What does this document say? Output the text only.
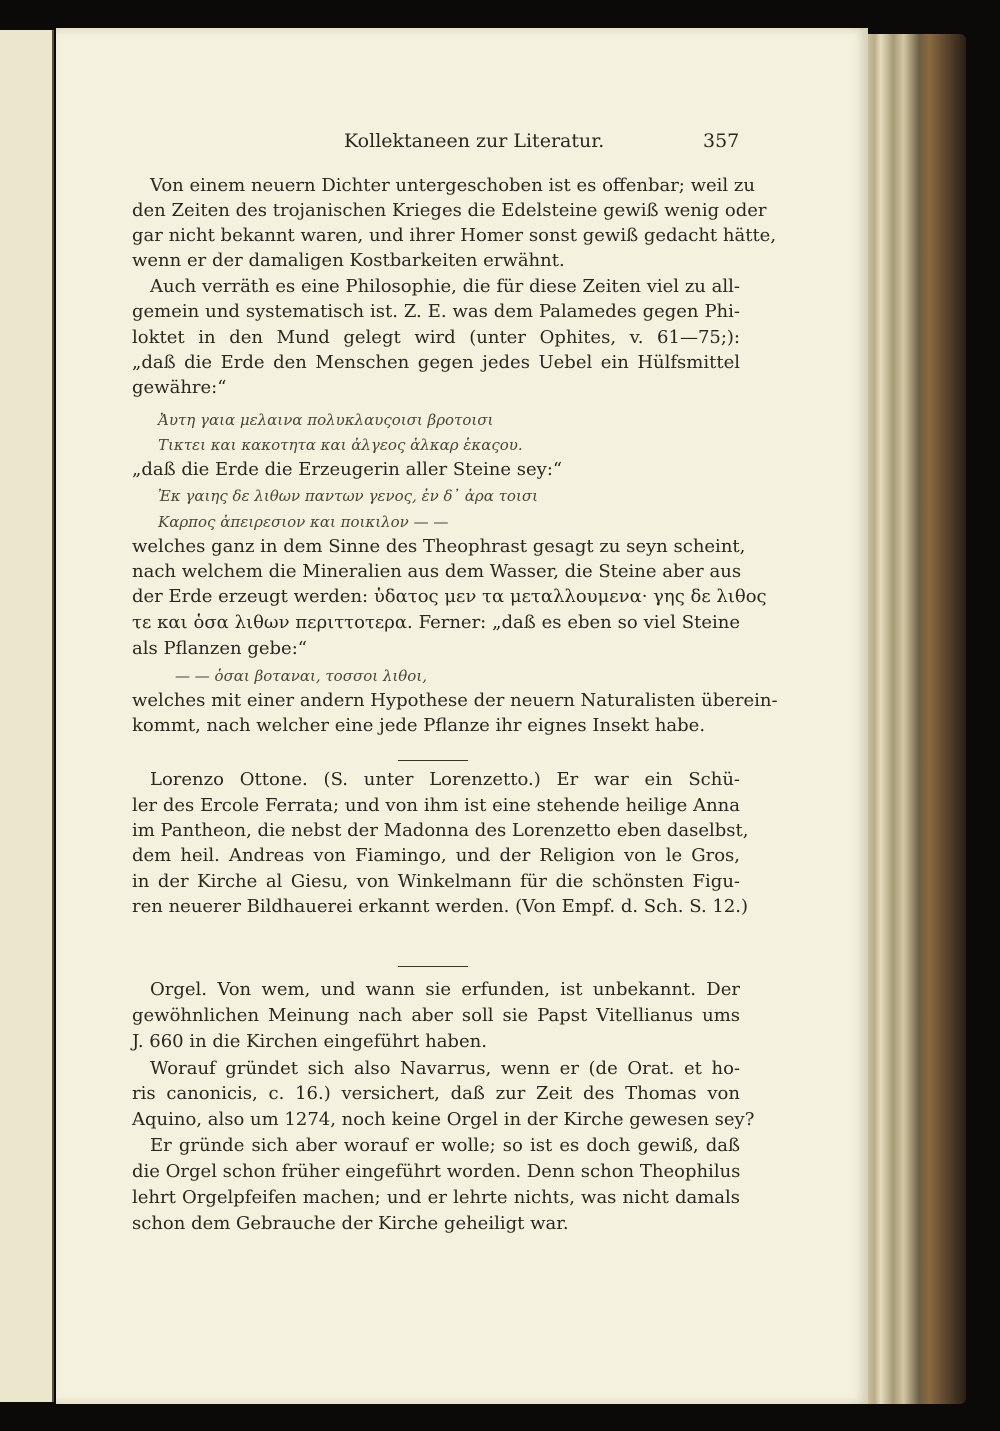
Kollektaneen zur Literatur.	357
Von einem neuern Dichter untergeschoben ist es offenbar; weil zu
den Zeiten des trojanischen Krieges die Edelsteine gewiß wenig oder
gar nicht bekannt waren, und ihrer Homer sonst gewiß gedacht hätte,
wenn er der damaligen Kostbarkeiten erwähnt.
Auch verräth es eine Philosophie, die für diese Zeiten viel zu all-
gemein und systematisch ist. Z. E. was dem Palamedes gegen Phi-
loktet in den Mund gelegt wird (unter Ophites, v. 61—75;):
„daß die Erde den Menschen gegen jedes Uebel ein Hülfsmittel
gewähre:“
Ἀυτη γαια μελαινα πολυκλαυςοισι βροτοισι
Τικτει και κακοτητα και ἀλγεος ἀλκαρ ἑκαςου.
„daß die Erde die Erzeugerin aller Steine sey:“
Ἐκ γαιης δε λιθων παντων γενος, ἐν δ᾽ ἀρα τοισι
Καρπος ἀπειρεσιον και ποικιλον — —
welches ganz in dem Sinne des Theophrast gesagt zu seyn scheint,
nach welchem die Mineralien aus dem Wasser, die Steine aber aus
der Erde erzeugt werden: ὑδατος μεν τα μεταλλουμενα· γης δε λιθος
τε και ὁσα λιθων περιττοτερα. Ferner: „daß es eben so viel Steine
als Pflanzen gebe:“
— — ὁσαι βοταναι, τοσσοι λιθοι,
welches mit einer andern Hypothese der neuern Naturalisten überein-
kommt, nach welcher eine jede Pflanze ihr eignes Insekt habe.
Lorenzo Ottone. (S. unter Lorenzetto.) Er war ein Schü-
ler des Ercole Ferrata; und von ihm ist eine stehende heilige Anna
im Pantheon, die nebst der Madonna des Lorenzetto eben daselbst,
dem heil. Andreas von Fiamingo, und der Religion von le Gros,
in der Kirche al Giesu, von Winkelmann für die schönsten Figu-
ren neuerer Bildhauerei erkannt werden. (Von Empf. d. Sch. S. 12.)
Orgel. Von wem, und wann sie erfunden, ist unbekannt. Der
gewöhnlichen Meinung nach aber soll sie Papst Vitellianus ums
J. 660 in die Kirchen eingeführt haben.
Worauf gründet sich also Navarrus, wenn er (de Orat. et ho-
ris canonicis, c. 16.) versichert, daß zur Zeit des Thomas von
Aquino, also um 1274, noch keine Orgel in der Kirche gewesen sey?
Er gründe sich aber worauf er wolle; so ist es doch gewiß, daß
die Orgel schon früher eingeführt worden. Denn schon Theophilus
lehrt Orgelpfeifen machen; und er lehrte nichts, was nicht damals
schon dem Gebrauche der Kirche geheiligt war.
